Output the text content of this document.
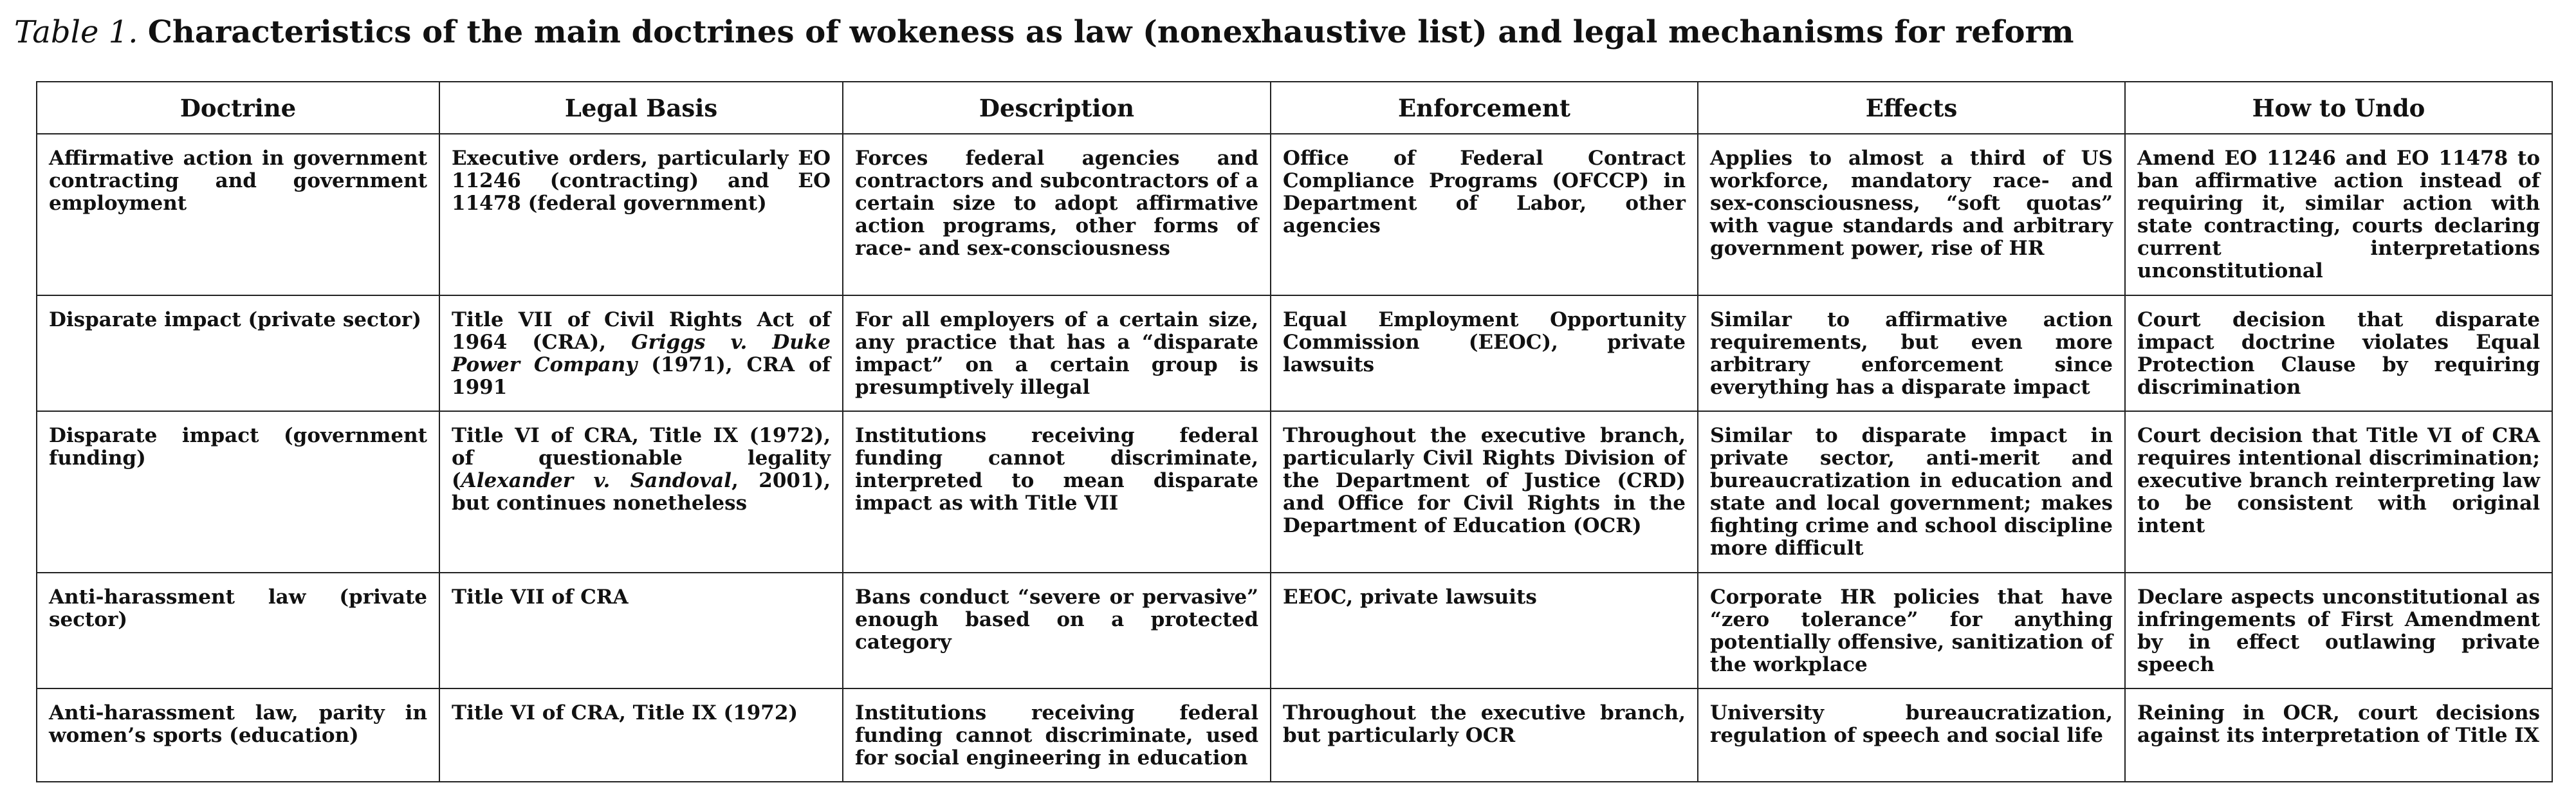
Table 1. Characteristics of the main doctrines of wokeness as law (nonexhaustive list) and legal mechanisms for reform
Doctrine	Legal Basis	Description	Enforcement	Effects	How to Undo
Affirmative action in government contracting and government employment	Executive orders, particularly EO 11246 (contracting) and EO 11478 (federal government)	Forces federal agencies and contractors and subcontractors of a certain size to adopt affirmative action programs, other forms of race- and sex-consciousness	Office of Federal Contract Compliance Programs (OFCCP) in Department of Labor, other agencies	Applies to almost a third of US workforce, mandatory race- and sex-consciousness, “soft quotas” with vague standards and arbitrary government power, rise of HR	Amend EO 11246 and EO 11478 to ban affirmative action instead of requiring it, similar action with state contracting, courts declaring current interpretations unconstitutional
Disparate impact (private sector)	Title VII of Civil Rights Act of 1964 (CRA), Griggs v. Duke Power Company (1971), CRA of 1991	For all employers of a certain size, any practice that has a “disparate impact” on a certain group is presumptively illegal	Equal Employment Opportunity Commission (EEOC), private lawsuits	Similar to affirmative action requirements, but even more arbitrary enforcement since everything has a disparate impact	Court decision that disparate impact doctrine violates Equal Protection Clause by requiring discrimination
Disparate impact (government funding)	Title VI of CRA, Title IX (1972), of questionable legality (Alexander v. Sandoval, 2001), but continues nonetheless	Institutions receiving federal funding cannot discriminate, interpreted to mean disparate impact as with Title VII	Throughout the executive branch, particularly Civil Rights Division of the Department of Justice (CRD) and Office for Civil Rights in the Department of Education (OCR)	Similar to disparate impact in private sector, anti-merit and bureaucratization in education and state and local government; makes fighting crime and school discipline more difficult	Court decision that Title VI of CRA requires intentional discrimination; executive branch reinterpreting law to be consistent with original intent
Anti-harassment law (private sector)	Title VII of CRA	Bans conduct “severe or pervasive” enough based on a protected category	EEOC, private lawsuits	Corporate HR policies that have “zero tolerance” for anything potentially offensive, sanitization of the workplace	Declare aspects unconstitutional as infringements of First Amendment by in effect outlawing private speech
Anti-harassment law, parity in women’s sports (education)	Title VI of CRA, Title IX (1972)	Institutions receiving federal funding cannot discriminate, used for social engineering in education	Throughout the executive branch, but particularly OCR	University bureaucratization, regulation of speech and social life	Reining in OCR, court decisions against its interpretation of Title IX
